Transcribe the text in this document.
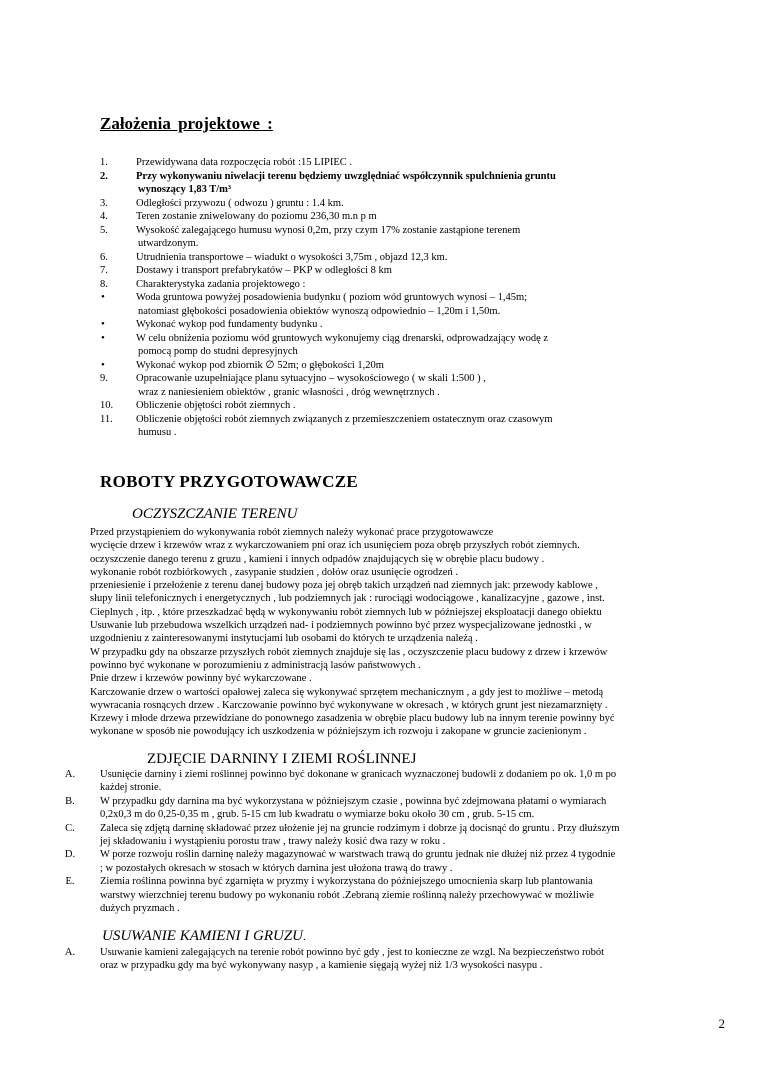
Założenia projektowe :
1.	Przewidywana data rozpoczęcia robót :15 LIPIEC .
2.	Przy wykonywaniu niwelacji terenu będziemy uwzględniać współczynnik spulchnienia gruntu
wynoszący 1,83 T/m³
3.	Odległości przywozu ( odwozu ) gruntu : 1.4 km.
4.	Teren zostanie zniwelowany do poziomu 236,30 m.n p m
5.	Wysokość zalegającego humusu wynosi 0,2m, przy czym 17% zostanie zastąpione terenem
utwardzonym.
6.	Utrudnienia transportowe – wiadukt o wysokości 3,75m , objazd 12,3 km.
7.	Dostawy i transport prefabrykatów – PKP w odległości 8 km
8.	Charakterystyka zadania projektowego :
•	Woda gruntowa powyżej posadowienia budynku ( poziom wód gruntowych wynosi – 1,45m;
natomiast głębokości posadowienia obiektów wynoszą odpowiednio – 1,20m i 1,50m.
•	Wykonać wykop pod fundamenty budynku .
•	W celu obniżenia poziomu wód gruntowych wykonujemy ciąg drenarski, odprowadzający wodę z
pomocą pomp do studni depresyjnych
•	Wykonać wykop pod zbiornik ∅ 52m; o głębokości 1,20m
9.	Opracowanie uzupełniające planu sytuacyjno – wysokościowego ( w skali 1:500 ) ,
wraz z naniesieniem obiektów , granic własności , dróg wewnętrznych .
10.	Obliczenie objętości robót ziemnych .
11.	Obliczenie objętości robót ziemnych związanych z przemieszczeniem ostatecznym oraz czasowym
humusu .
ROBOTY PRZYGOTOWAWCZE
OCZYSZCZANIE TERENU
Przed przystąpieniem do wykonywania robót ziemnych należy wykonać prace przygotowawcze
wycięcie drzew i krzewów wraz z wykarczowaniem pni oraz ich usunięciem poza obręb przyszłych robót ziemnych.
oczyszczenie danego terenu z gruzu , kamieni i innych odpadów znajdujących się w obrębie placu budowy .
wykonanie robót rozbiórkowych , zasypanie studzien , dołów oraz usunięcie ogrodzeń .
przeniesienie i przełożenie z terenu danej budowy poza jej obręb takich urządzeń nad ziemnych jak: przewody kablowe ,
słupy linii telefonicznych i energetycznych , lub podziemnych jak : rurociągi wodociągowe , kanalizacyjne , gazowe , inst.
Cieplnych , itp. , które przeszkadzać będą w wykonywaniu robót ziemnych lub w późniejszej eksploatacji danego obiektu
Usuwanie lub przebudowa wszelkich urządzeń nad- i podziemnych powinno być przez wyspecjalizowane jednostki , w
uzgodnieniu z zainteresowanymi instytucjami lub osobami do których te urządzenia należą .
W przypadku gdy na obszarze przyszłych robót ziemnych znajduje się las , oczyszczenie placu budowy z drzew i krzewów
powinno być wykonane w porozumieniu z administracją lasów państwowych .
Pnie drzew i krzewów powinny być wykarczowane .
Karczowanie drzew o wartości opałowej zaleca się wykonywać sprzętem mechanicznym , a gdy jest to możliwe – metodą
wywracania rosnących drzew . Karczowanie powinno być wykonywane w okresach , w których grunt jest niezamarznięty .
Krzewy i młode drzewa przewidziane do ponownego zasadzenia w obrębie placu budowy lub na innym terenie powinny być
wykonane w sposób nie powodujący ich uszkodzenia w późniejszym ich rozwoju i zakopane w gruncie zacienionym .
ZDJĘCIE DARNINY I ZIEMI ROŚLINNEJ
A.	Usunięcie darniny i ziemi roślinnej powinno być dokonane w granicach wyznaczonej budowli z dodaniem po ok. 1,0 m po
każdej stronie.
B.	W przypadku gdy darnina ma być wykorzystana w późniejszym czasie , powinna być zdejmowana płatami o wymiarach
0,2x0,3 m do 0,25-0,35 m , grub. 5-15 cm lub kwadratu o wymiarze boku około 30 cm , grub. 5-15 cm.
C.	Zaleca się zdjętą darninę składować przez ułożenie jej na gruncie rodzimym i dobrze ją docisnąć do gruntu . Przy dłuższym
jej składowaniu i wystąpieniu porostu traw , trawy należy kosić dwa razy w roku .
D.	W porze rozwoju roślin darninę należy magazynować w warstwach trawą do gruntu jednak nie dłużej niż przez 4 tygodnie
; w pozostałych okresach w stosach w których darnina jest ułożona trawą do trawy .
E.	Ziemia roślinna powinna być zgarnięta w pryzmy i wykorzystana do późniejszego umocnienia skarp lub plantowania
warstwy wierzchniej terenu budowy po wykonaniu robót .Zebraną ziemie roślinną należy przechowywać w możliwie
dużych pryzmach .
USUWANIE KAMIENI I GRUZU.
A.	Usuwanie kamieni zalegających na terenie robót powinno być gdy , jest to konieczne ze wzgl. Na bezpieczeństwo robót
oraz w przypadku gdy ma być wykonywany nasyp , a kamienie sięgają wyżej niż 1/3 wysokości nasypu .
2
